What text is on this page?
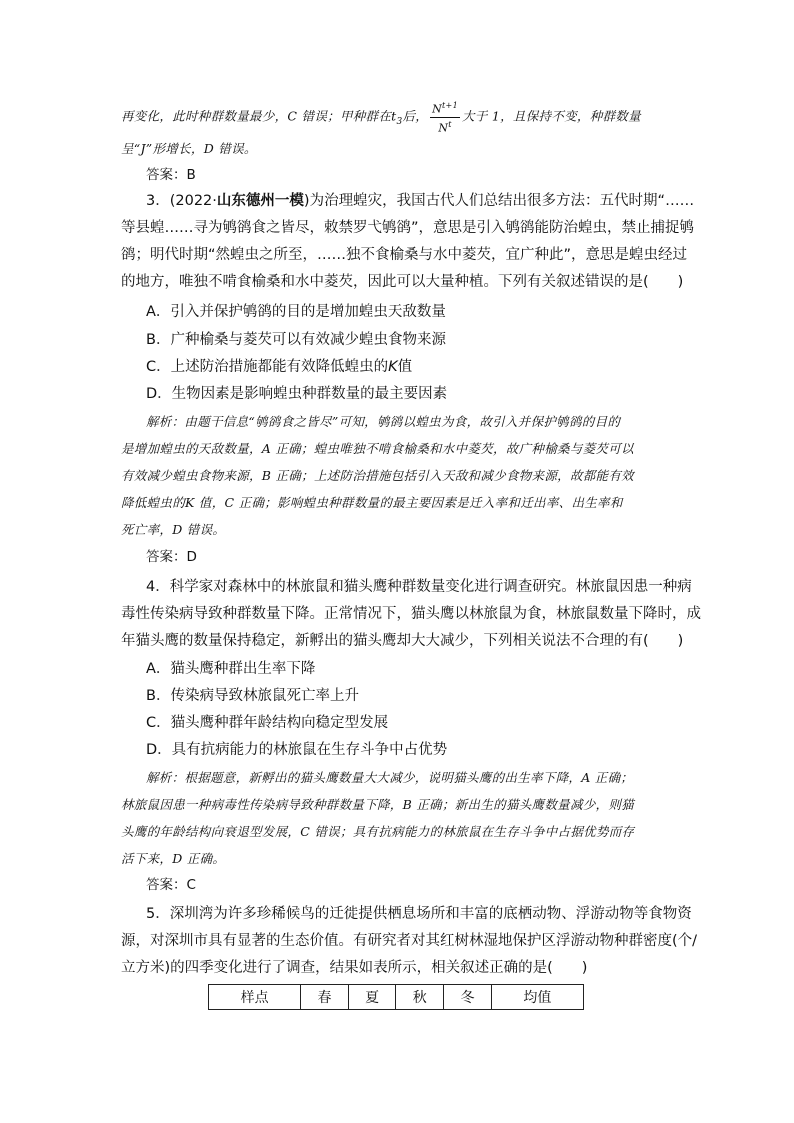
再变化，此时种群数量最少，C 错误；甲种群在$t_3$后， $\frac{N^{t+1}}{N^t}$ 大于 1，且保持不变，种群数量
呈“J”形增长，D 错误。
答案：B
3．(2022·山东德州一模)为治理蝗灾，我国古代人们总结出很多方法：五代时期“……
等县蝗……寻为鸲鹆食之皆尽，敕禁罗弋鸲鹆”，意思是引入鸲鹆能防治蝗虫，禁止捕捉鸲
鹆；明代时期“然蝗虫之所至，……独不食榆桑与水中菱芡，宜广种此”，意思是蝗虫经过
的地方，唯独不啃食榆桑和水中菱芡，因此可以大量种植。下列有关叙述错误的是(　　)
A．引入并保护鸲鹆的目的是增加蝗虫天敌数量
B．广种榆桑与菱芡可以有效减少蝗虫食物来源
C．上述防治措施都能有效降低蝗虫的K值
D．生物因素是影响蝗虫种群数量的最主要因素
解析：由题干信息“鸲鹆食之皆尽”可知，鸲鹆以蝗虫为食，故引入并保护鸲鹆的目的
是增加蝗虫的天敌数量，A 正确；蝗虫唯独不啃食榆桑和水中菱芡，故广种榆桑与菱芡可以
有效减少蝗虫食物来源，B 正确；上述防治措施包括引入天敌和减少食物来源，故都能有效
降低蝗虫的K 值，C 正确；影响蝗虫种群数量的最主要因素是迁入率和迁出率、出生率和
死亡率，D 错误。
答案：D
4．科学家对森林中的林旅鼠和猫头鹰种群数量变化进行调查研究。林旅鼠因患一种病
毒性传染病导致种群数量下降。正常情况下，猫头鹰以林旅鼠为食，林旅鼠数量下降时，成
年猫头鹰的数量保持稳定，新孵出的猫头鹰却大大减少，下列相关说法不合理的有(　　)
A．猫头鹰种群出生率下降
B．传染病导致林旅鼠死亡率上升
C．猫头鹰种群年龄结构向稳定型发展
D．具有抗病能力的林旅鼠在生存斗争中占优势
解析：根据题意，新孵出的猫头鹰数量大大减少，说明猫头鹰的出生率下降，A 正确；
林旅鼠因患一种病毒性传染病导致种群数量下降，B 正确；新出生的猫头鹰数量减少，则猫
头鹰的年龄结构向衰退型发展，C 错误；具有抗病能力的林旅鼠在生存斗争中占据优势而存
活下来，D 正确。
答案：C
5．深圳湾为许多珍稀候鸟的迁徙提供栖息场所和丰富的底栖动物、浮游动物等食物资
源，对深圳市具有显著的生态价值。有研究者对其红树林湿地保护区浮游动物种群密度(个/
立方米)的四季变化进行了调查，结果如表所示，相关叙述正确的是(　　)
样点	春	夏	秋	冬	均值
